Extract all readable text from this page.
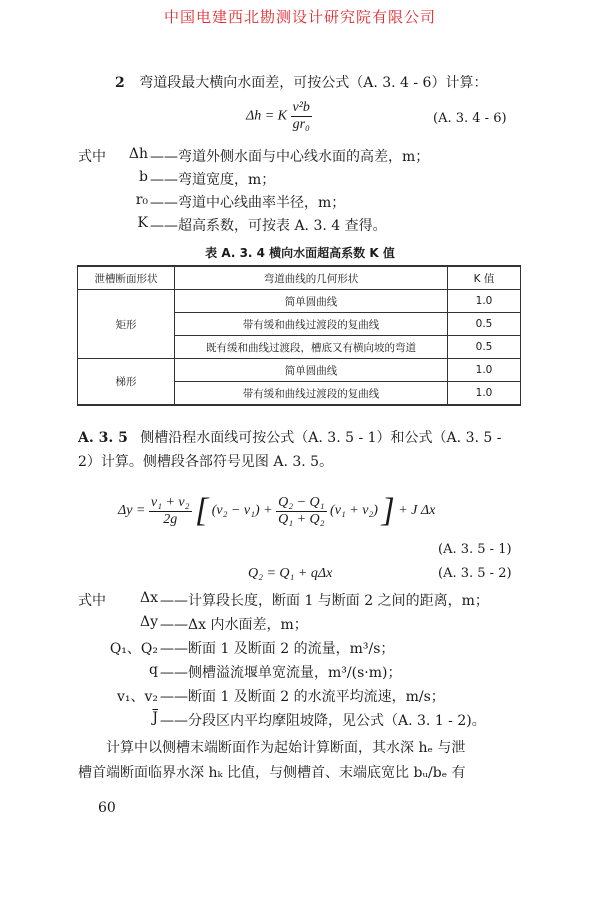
中国电建西北勘测设计研究院有限公司
2 弯道段最大横向水面差，可按公式（A. 3. 4 - 6）计算：
Δh = K $\frac{\text{v²b}}{\text{gr₀}}$	(A. 3. 4 - 6)
式中 Δh ——弯道外侧水面与中心线水面的高差，m；
b ——弯道宽度，m；
r₀ ——弯道中心线曲率半径，m；
K ——超高系数，可按表 A. 3. 4 查得。
表 A. 3. 4 横向水面超高系数 K 值
泄槽断面形状	弯道曲线的几何形状	K 值
矩形	简单圆曲线	1.0
	带有缓和曲线过渡段的复曲线	0.5
	既有缓和曲线过渡段，槽底又有横向坡的弯道	0.5
梯形	简单圆曲线	1.0
	带有缓和曲线过渡段的复曲线	1.0
A. 3. 5 侧槽沿程水面线可按公式（A. 3. 5 - 1）和公式（A. 3. 5 -
2）计算。侧槽段各部符号见图 A. 3. 5。
$\Delta y = \frac{\text{v₁ + v₂}}{2g}$ [ $(v_2 - v_1) + \frac{\text{Q₂ − Q₁}}{\text{Q₁ + Q₂}} (v_1 + v_2)$ ] + J Δx
(A. 3. 5 - 1)
Q₂ = Q₁ + qΔx	(A. 3. 5 - 2)
式中 Δx ——计算段长度，断面 1 与断面 2 之间的距离，m；
Δy ——Δx 内水面差，m；
Q₁、Q₂ ——断面 1 及断面 2 的流量，m³/s；
q ——侧槽溢流堰单宽流量，m³/(s·m)；
v₁、v₂ ——断面 1 及断面 2 的水流平均流速，m/s；
$\overline{J}$ ——分段区内平均摩阻坡降，见公式（A. 3. 1 - 2)。
计算中以侧槽末端断面作为起始计算断面，其水深 hₑ 与泄
槽首端断面临界水深 hₖ 比值，与侧槽首、末端底宽比 bᵤ/bₑ 有
60
